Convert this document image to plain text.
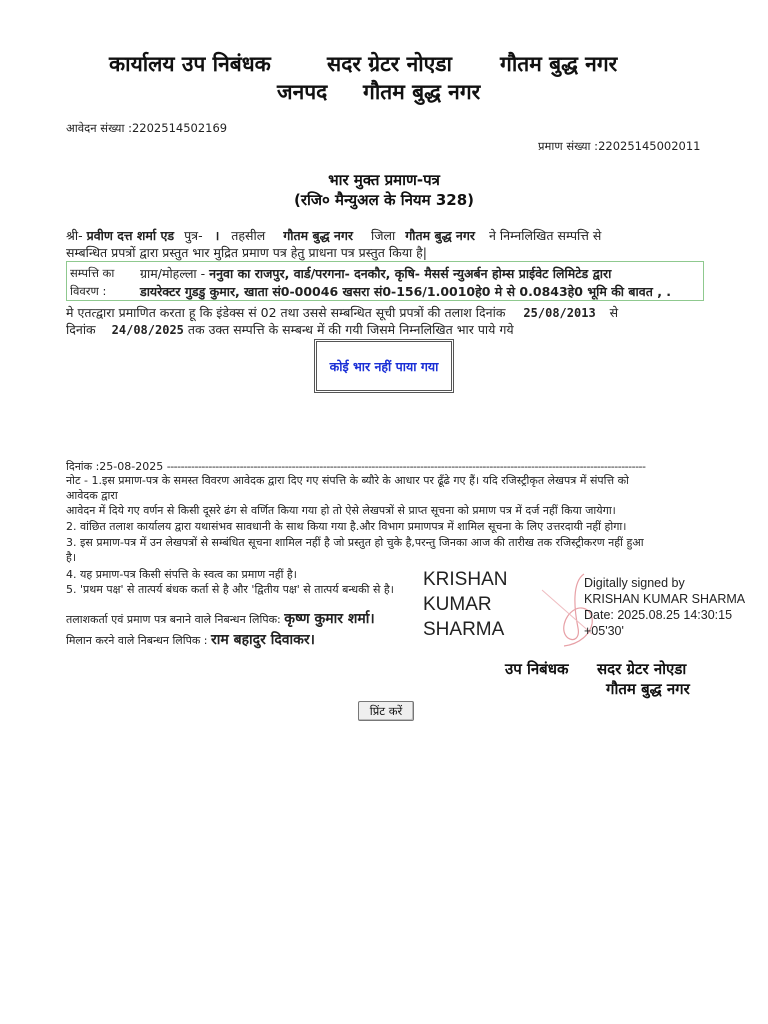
कार्यालय उप निबंधक	सदर ग्रेटर नोएडा गौतम बुद्ध नगर
जनपद गौतम बुद्ध नगर
आवेदन संख्या :2202514502169
प्रमाण संख्या :22025145002011
भार मुक्त प्रमाण-पत्र
(रजि० मैन्युअल के नियम 328)
श्री- प्रवीण दत्त शर्मा एड पुत्र- । तहसील गौतम बुद्ध नगर जिला गौतम बुद्ध नगर ने निम्नलिखित सम्पत्ति से
सम्बन्धित प्रपत्रों द्वारा प्रस्तुत भार मुद्रित प्रमाण पत्र हेतु प्राधना पत्र प्रस्तुत किया है|
सम्पत्ति का
विवरण :
ग्राम/मोहल्ला - ननुवा का राजपुर, वार्ड/परगना- दनकौर, कृषि- मैसर्स न्युअर्बन होम्स प्राईवेट लिमिटेड द्वारा
डायरेक्टर गुडडु कुमार, खाता सं0-00046 खसरा सं0-156/1.0010हे0 मे से 0.0843हे0 भूमि की बावत , .
मे एतत्द्वारा प्रमाणित करता हू कि इंडेक्स सं 02 तथा उससे सम्बन्धित सूची प्रपत्रों की तलाश दिनांक 25/08/2013 से
दिनांक 24/08/2025 तक उक्त सम्पत्ति के सम्बन्ध में की गयी जिसमे निम्नलिखित भार पाये गये
कोई भार नहीं पाया गया
दिनांक :25-08-2025 ------------------------------------------------------------------------------------------------------------------------------------------
नोट - 1.इस प्रमाण-पत्र के समस्त विवरण आवेदक द्वारा दिए गए संपत्ति के ब्यौरे के आधार पर ढूँढे गए हैं। यदि रजिस्ट्रीकृत लेखपत्र में संपत्ति को
आवेदक द्वारा
आवेदन में दिये गए वर्णन से किसी दूसरे ढंग से वर्णित किया गया हो तो ऐसे लेखपत्रों से प्राप्त सूचना को प्रमाण पत्र में दर्ज नहीं किया जायेगा।
2. वांछित तलाश कार्यालय द्वारा यथासंभव सावधानी के साथ किया गया है.और विभाग प्रमाणपत्र में शामिल सूचना के लिए उत्तरदायी नहीं होगा।
3. इस प्रमाण-पत्र में उन लेखपत्रों से सम्बंधित सूचना शामिल नहीं है जो प्रस्तुत हो चुके है,परन्तु जिनका आज की तारीख तक रजिस्ट्रीकरण नहीं हुआ
है।
4. यह प्रमाण-पत्र किसी संपत्ति के स्वत्व का प्रमाण नहीं है।
5. 'प्रथम पक्ष' से तात्पर्य बंधक कर्ता से है और 'द्वितीय पक्ष' से तात्पर्य बन्धकी से है।
तलाशकर्ता एवं प्रमाण पत्र बनाने वाले निबन्धन लिपिक: कृष्ण कुमार शर्मा।
मिलान करने वाले निबन्धन लिपिक : राम बहादुर दिवाकर।
KRISHAN
KUMAR
SHARMA
Digitally signed by
KRISHAN KUMAR SHARMA
Date: 2025.08.25 14:30:15
+05'30'
उप निबंधक सदर ग्रेटर नोएडा
गौतम बुद्ध नगर
प्रिंट करें
